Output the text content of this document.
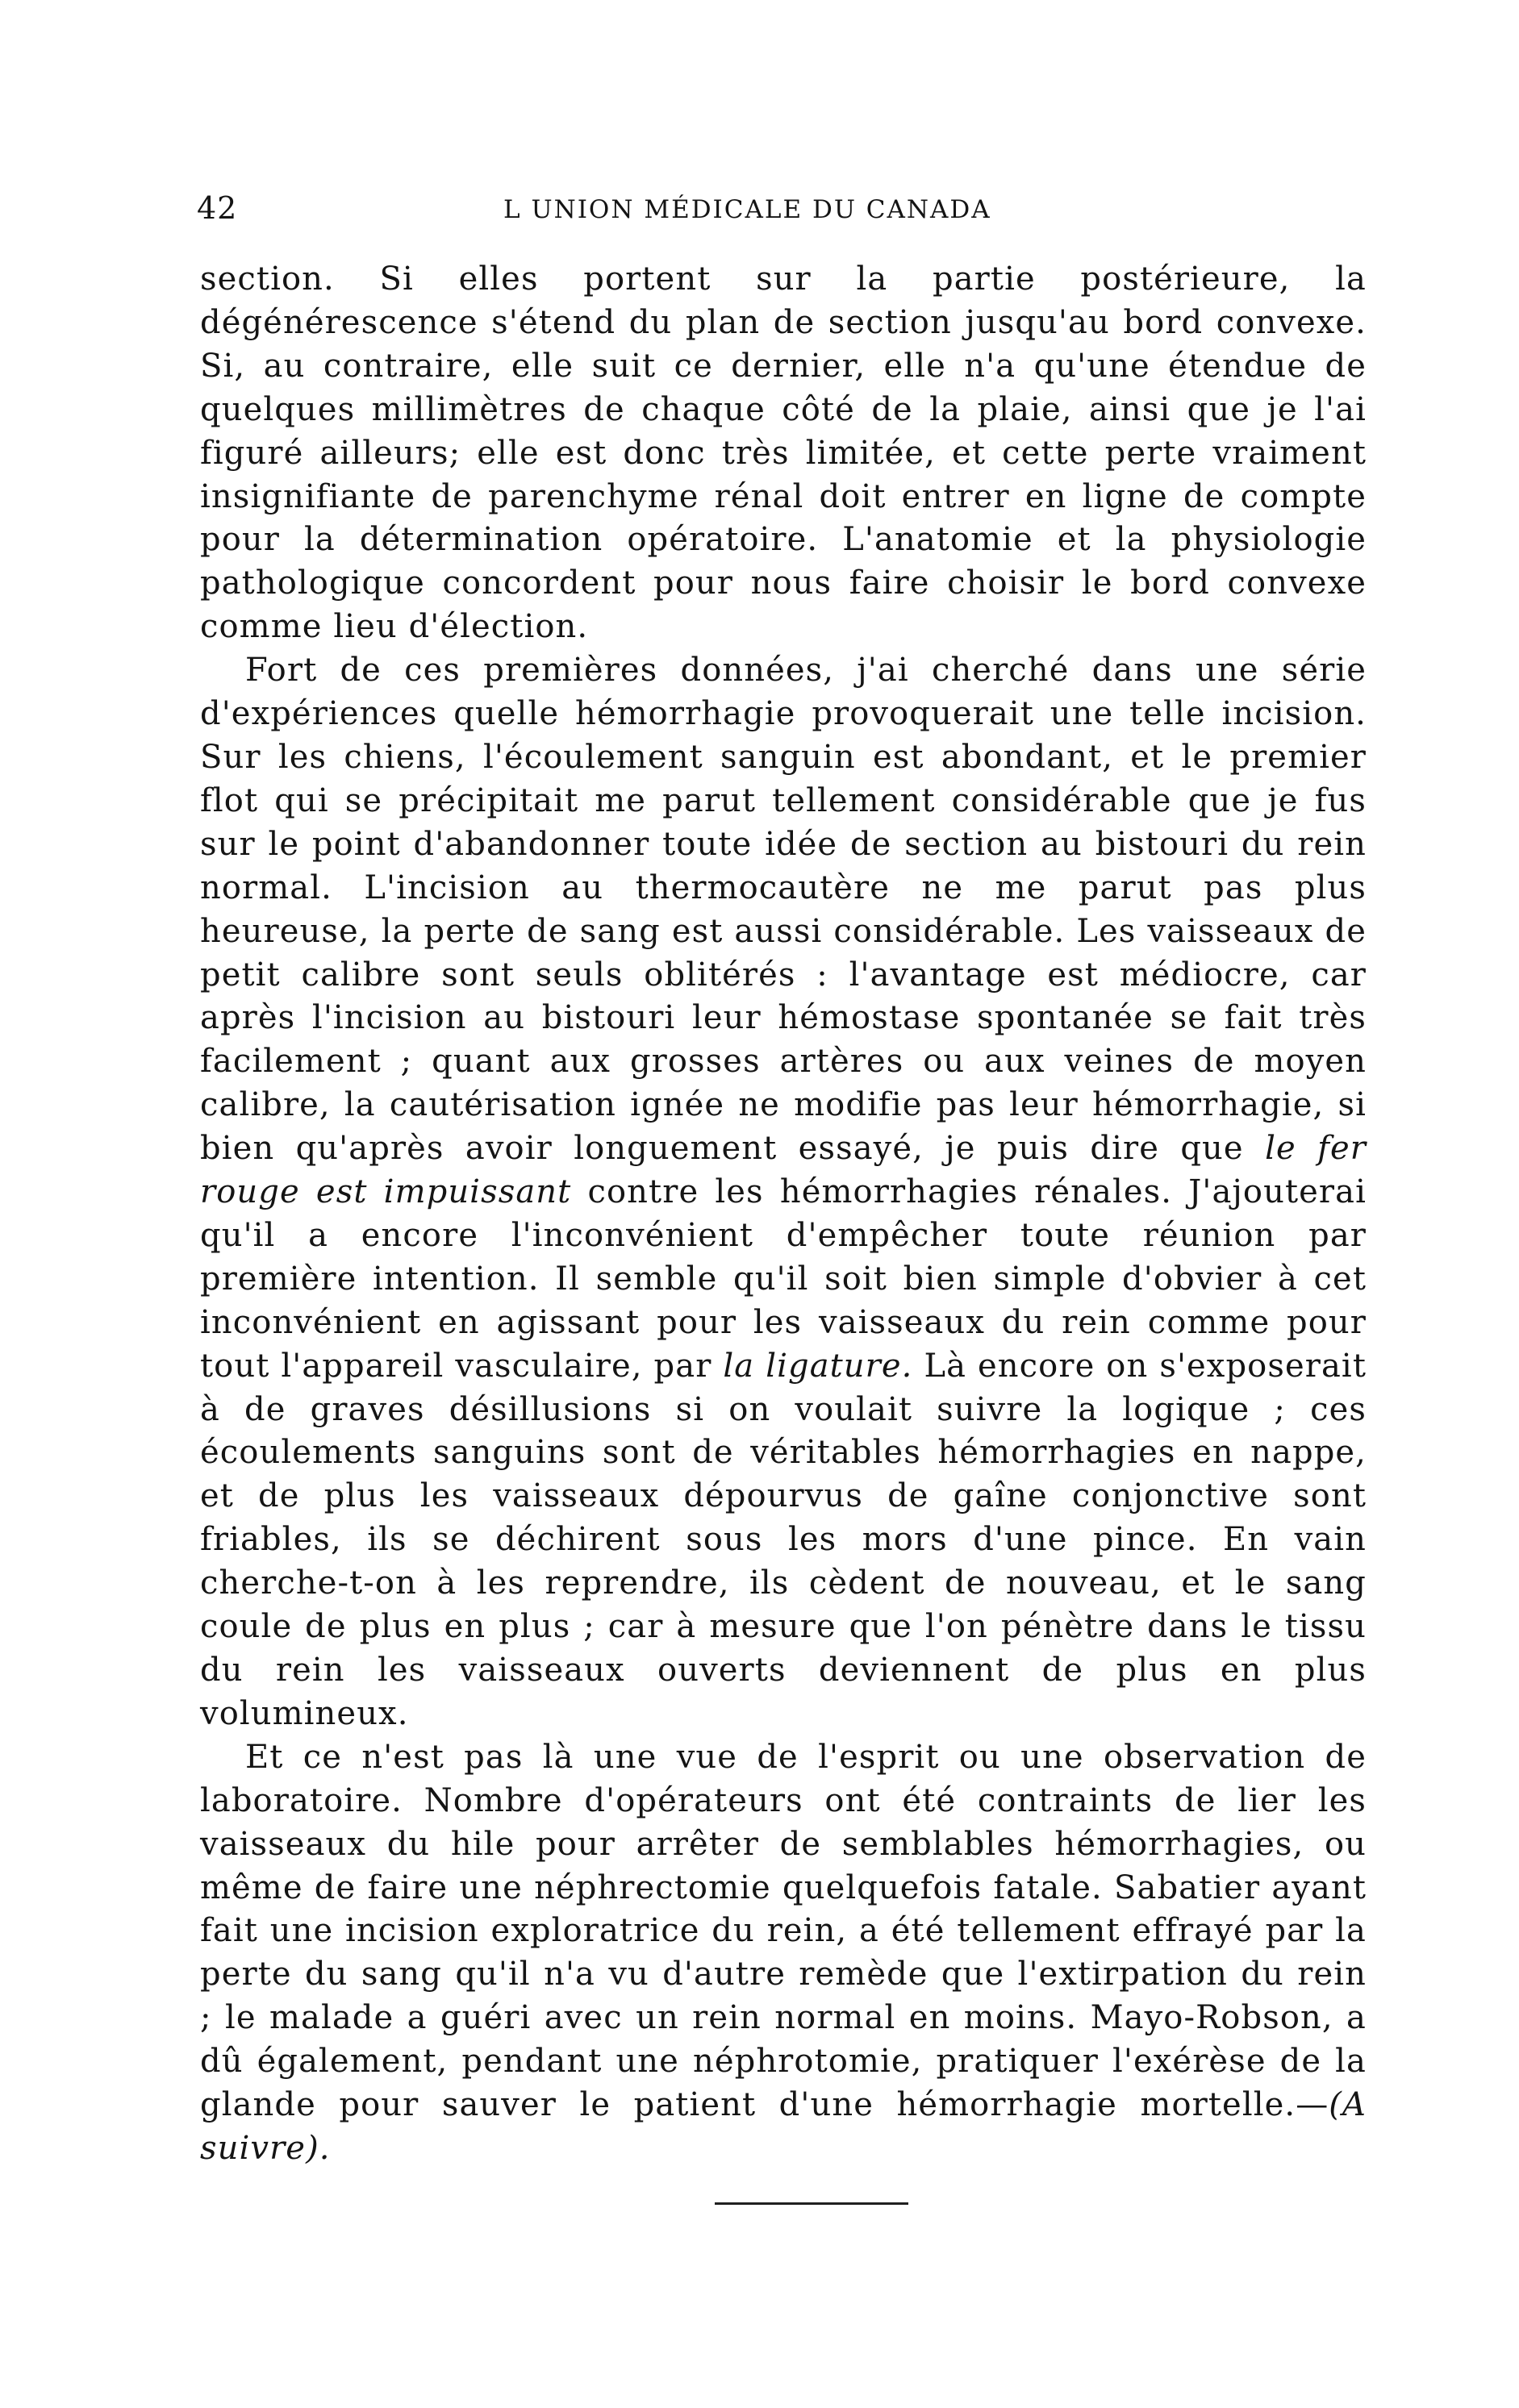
42	L UNION MÉDICALE DU CANADA

section. Si elles portent sur la partie postérieure, la dégénérescence s'étend du plan de section jusqu'au bord convexe. Si, au contraire, elle suit ce dernier, elle n'a qu'une étendue de quelques millimètres de chaque côté de la plaie, ainsi que je l'ai figuré ailleurs; elle est donc très limitée, et cette perte vraiment insignifiante de parenchyme rénal doit entrer en ligne de compte pour la détermination opératoire. L'anatomie et la physiologie pathologique concordent pour nous faire choisir le bord convexe comme lieu d'élection.

Fort de ces premières données, j'ai cherché dans une série d'expériences quelle hémorrhagie provoquerait une telle incision. Sur les chiens, l'écoulement sanguin est abondant, et le premier flot qui se précipitait me parut tellement considérable que je fus sur le point d'abandonner toute idée de section au bistouri du rein normal. L'incision au thermocautère ne me parut pas plus heureuse, la perte de sang est aussi considérable. Les vaisseaux de petit calibre sont seuls oblitérés : l'avantage est médiocre, car après l'incision au bistouri leur hémostase spontanée se fait très facilement ; quant aux grosses artères ou aux veines de moyen calibre, la cautérisation ignée ne modifie pas leur hémorrhagie, si bien qu'après avoir longuement essayé, je puis dire que le fer rouge est impuissant contre les hémorrhagies rénales. J'ajouterai qu'il a encore l'inconvénient d'empêcher toute réunion par première intention. Il semble qu'il soit bien simple d'obvier à cet inconvénient en agissant pour les vaisseaux du rein comme pour tout l'appareil vasculaire, par la ligature. Là encore on s'exposerait à de graves désillusions si on voulait suivre la logique ; ces écoulements sanguins sont de véritables hémorrhagies en nappe, et de plus les vaisseaux dépourvus de gaîne conjonctive sont friables, ils se déchirent sous les mors d'une pince. En vain cherche-t-on à les reprendre, ils cèdent de nouveau, et le sang coule de plus en plus ; car à mesure que l'on pénètre dans le tissu du rein les vaisseaux ouverts deviennent de plus en plus volumineux.

Et ce n'est pas là une vue de l'esprit ou une observation de laboratoire. Nombre d'opérateurs ont été contraints de lier les vaisseaux du hile pour arrêter de semblables hémorrhagies, ou même de faire une néphrectomie quelquefois fatale. Sabatier ayant fait une incision exploratrice du rein, a été tellement effrayé par la perte du sang qu'il n'a vu d'autre remède que l'extirpation du rein ; le malade a guéri avec un rein normal en moins. Mayo-Robson, a dû également, pendant une néphrotomie, pratiquer l'exérèse de la glande pour sauver le patient d'une hémorrhagie mortelle.—(A suivre).
